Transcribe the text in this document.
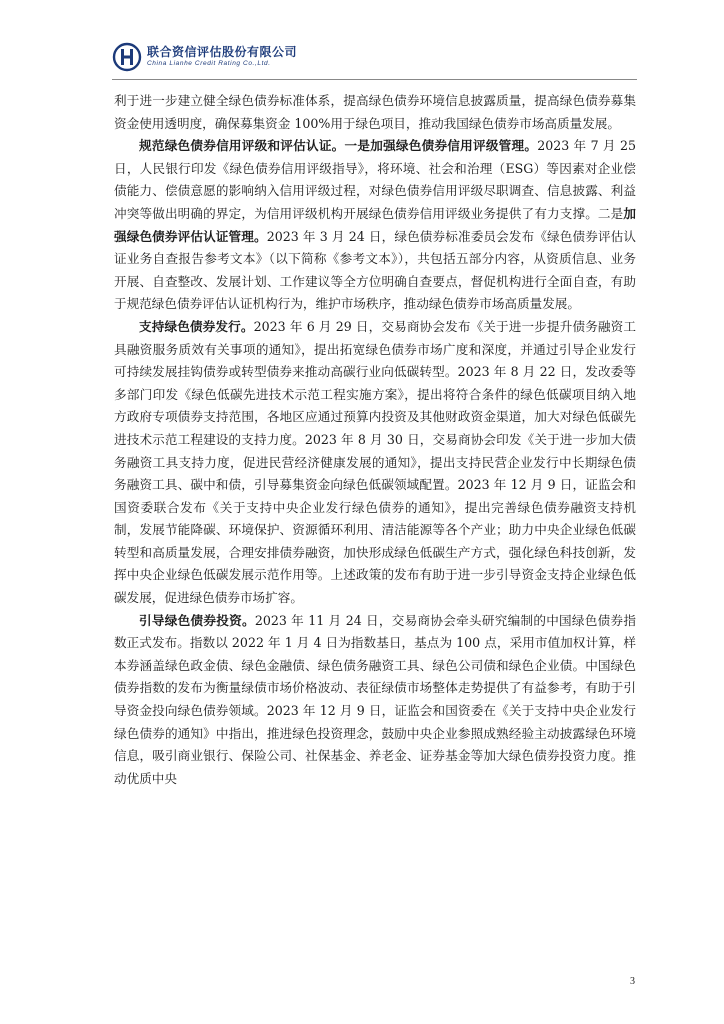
联合资信评估股份有限公司
China Lianhe Credit Rating Co.,Ltd.

利于进一步建立健全绿色债券标准体系，提高绿色债券环境信息披露质量，提高绿色债券募集资金使用透明度，确保募集资金 100%用于绿色项目，推动我国绿色债券市场高质量发展。

规范绿色债券信用评级和评估认证。一是加强绿色债券信用评级管理。2023 年 7 月 25 日，人民银行印发《绿色债券信用评级指导》，将环境、社会和治理（ESG）等因素对企业偿债能力、偿债意愿的影响纳入信用评级过程，对绿色债券信用评级尽职调查、信息披露、利益冲突等做出明确的界定，为信用评级机构开展绿色债券信用评级业务提供了有力支撑。二是加强绿色债券评估认证管理。2023 年 3 月 24 日，绿色债券标准委员会发布《绿色债券评估认证业务自查报告参考文本》（以下简称《参考文本》），共包括五部分内容，从资质信息、业务开展、自查整改、发展计划、工作建议等全方位明确自查要点，督促机构进行全面自查，有助于规范绿色债券评估认证机构行为，维护市场秩序，推动绿色债券市场高质量发展。

支持绿色债券发行。2023 年 6 月 29 日，交易商协会发布《关于进一步提升债务融资工具融资服务质效有关事项的通知》，提出拓宽绿色债券市场广度和深度，并通过引导企业发行可持续发展挂钩债券或转型债券来推动高碳行业向低碳转型。2023 年 8 月 22 日，发改委等多部门印发《绿色低碳先进技术示范工程实施方案》，提出将符合条件的绿色低碳项目纳入地方政府专项债券支持范围，各地区应通过预算内投资及其他财政资金渠道，加大对绿色低碳先进技术示范工程建设的支持力度。2023 年 8 月 30 日，交易商协会印发《关于进一步加大债务融资工具支持力度，促进民营经济健康发展的通知》，提出支持民营企业发行中长期绿色债务融资工具、碳中和债，引导募集资金向绿色低碳领域配置。2023 年 12 月 9 日，证监会和国资委联合发布《关于支持中央企业发行绿色债券的通知》，提出完善绿色债券融资支持机制，发展节能降碳、环境保护、资源循环利用、清洁能源等各个产业；助力中央企业绿色低碳转型和高质量发展，合理安排债券融资，加快形成绿色低碳生产方式，强化绿色科技创新，发挥中央企业绿色低碳发展示范作用等。上述政策的发布有助于进一步引导资金支持企业绿色低碳发展，促进绿色债券市场扩容。

引导绿色债券投资。2023 年 11 月 24 日，交易商协会牵头研究编制的中国绿色债券指数正式发布。指数以 2022 年 1 月 4 日为指数基日，基点为 100 点，采用市值加权计算，样本券涵盖绿色政金债、绿色金融债、绿色债务融资工具、绿色公司债和绿色企业债。中国绿色债券指数的发布为衡量绿债市场价格波动、表征绿债市场整体走势提供了有益参考，有助于引导资金投向绿色债券领域。2023 年 12 月 9 日，证监会和国资委在《关于支持中央企业发行绿色债券的通知》中指出，推进绿色投资理念，鼓励中央企业参照成熟经验主动披露绿色环境信息，吸引商业银行、保险公司、社保基金、养老金、证券基金等加大绿色债券投资力度。推动优质中央

3
